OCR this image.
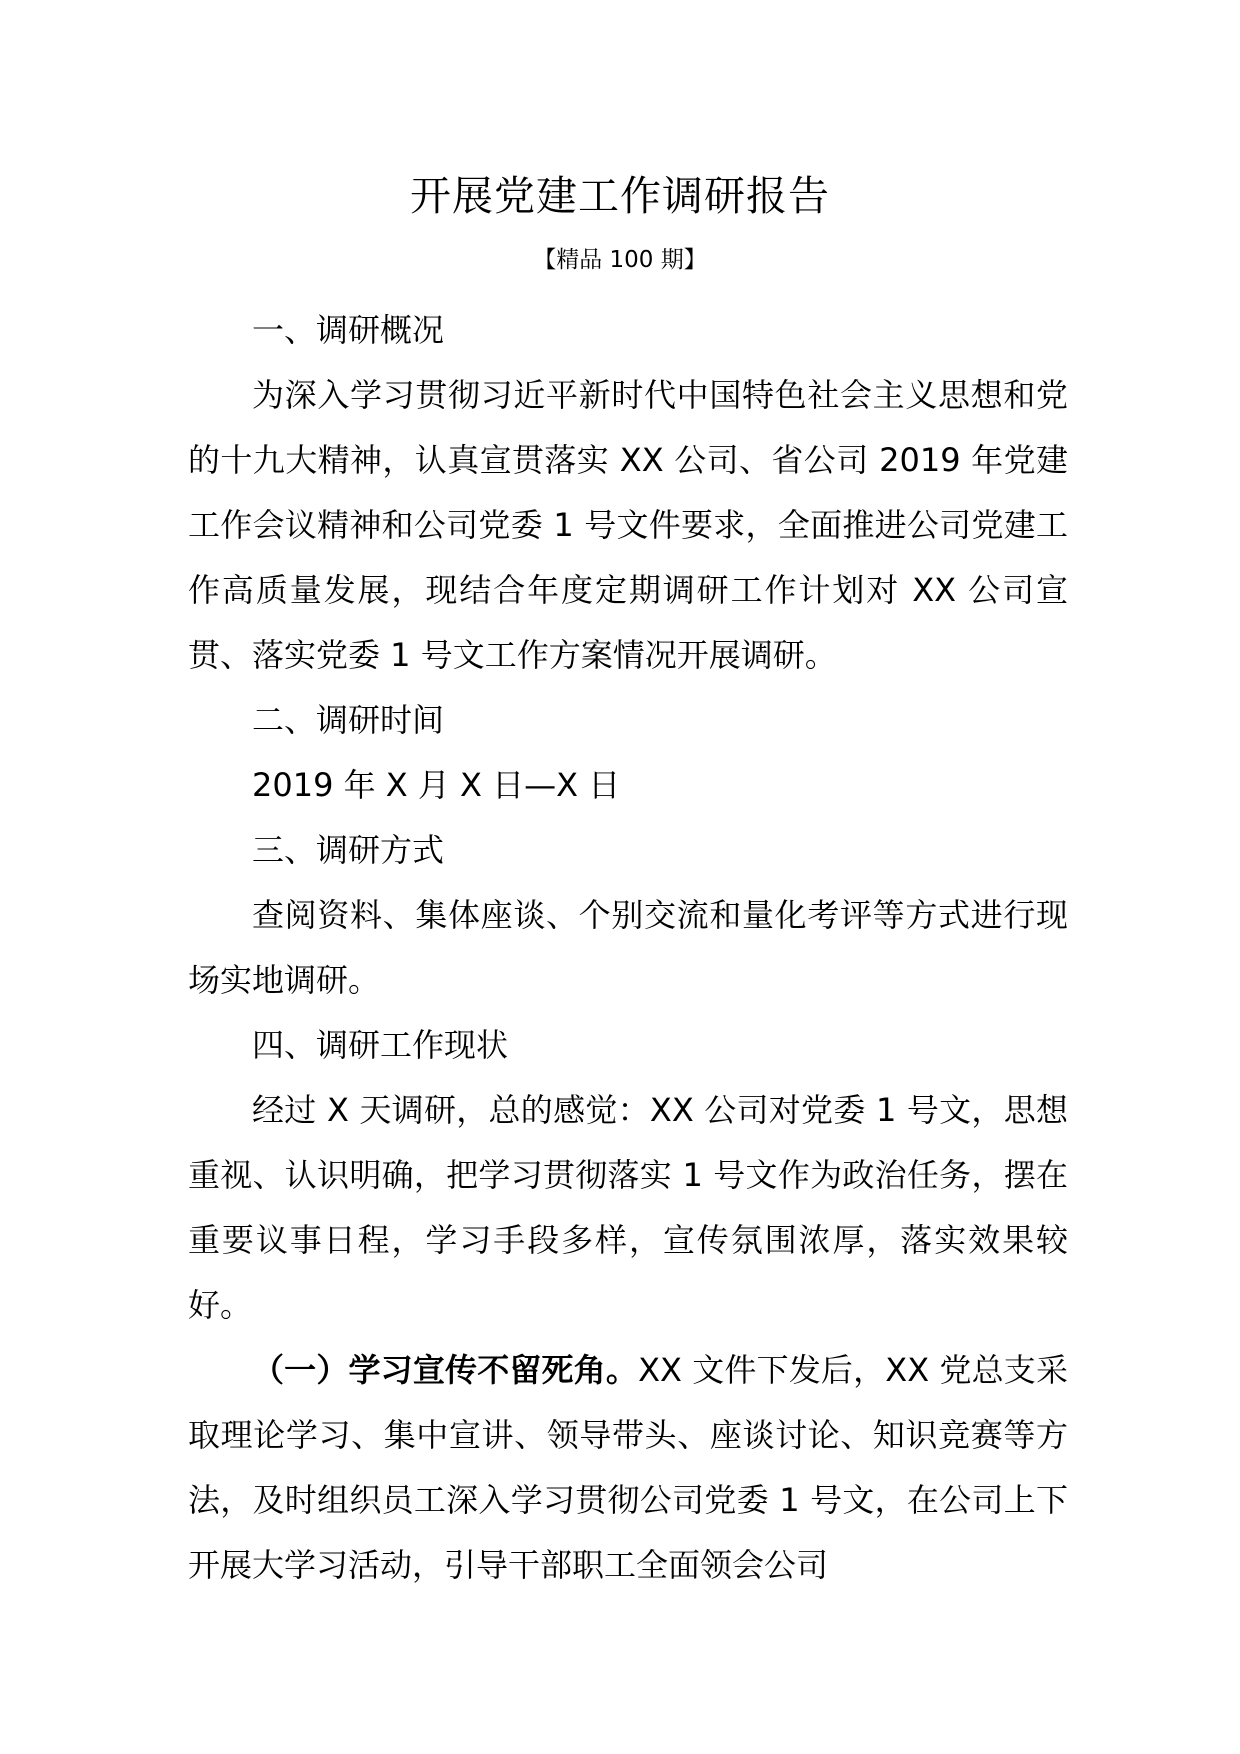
开展党建工作调研报告
【精品 100 期】

一、调研概况

为深入学习贯彻习近平新时代中国特色社会主义思想和党的十九大精神，认真宣贯落实 XX 公司、省公司 2019 年党建工作会议精神和公司党委 1 号文件要求，全面推进公司党建工作高质量发展，现结合年度定期调研工作计划对 XX 公司宣贯、落实党委 1 号文工作方案情况开展调研。

二、调研时间

2019 年 X 月 X 日—X 日

三、调研方式

查阅资料、集体座谈、个别交流和量化考评等方式进行现场实地调研。

四、调研工作现状

经过 X 天调研，总的感觉：XX 公司对党委 1 号文，思想重视、认识明确，把学习贯彻落实 1 号文作为政治任务，摆在重要议事日程，学习手段多样，宣传氛围浓厚，落实效果较好。

（一）学习宣传不留死角。XX 文件下发后，XX 党总支采取理论学习、集中宣讲、领导带头、座谈讨论、知识竞赛等方法，及时组织员工深入学习贯彻公司党委 1 号文，在公司上下开展大学习活动，引导干部职工全面领会公司
